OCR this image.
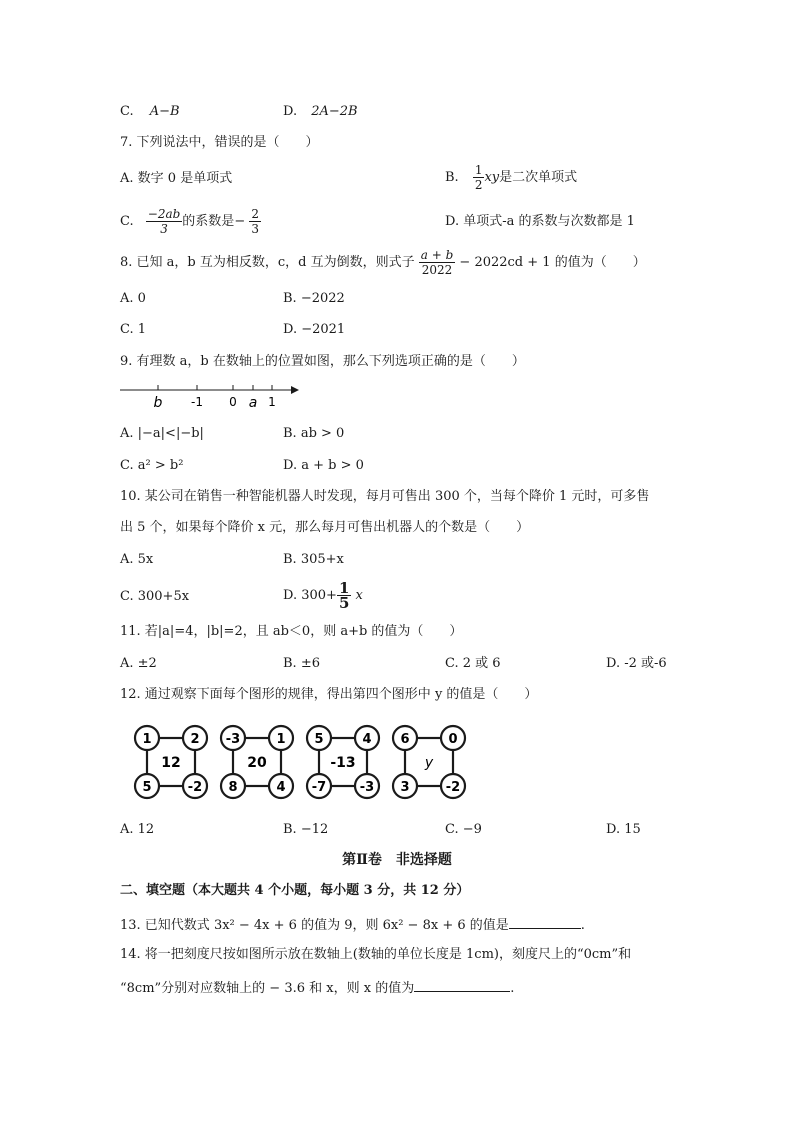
C. A−B	D. 2A−2B
7. 下列说法中，错误的是（　　）
A. 数字 0 是单项式	B. $\frac{1}{2}$ xy是二次单项式
C. $\frac{-2ab}{3}$ 的系数是− $\frac{2}{3}$	D. 单项式-a 的系数与次数都是 1
8. 已知 a，b 互为相反数，c，d 互为倒数，则式子 $\frac{a + b}{2022} - 2022cd + 1$ 的值为（　　）
A. 0	B. −2022
C. 1	D. −2021
9. 有理数 a，b 在数轴上的位置如图，那么下列选项正确的是（　　）
b -1 0 a 1
A. |−a|<|−b|	B. ab > 0
C. a² > b²	D. a + b > 0
10. 某公司在销售一种智能机器人时发现，每月可售出 300 个，当每个降价 1 元时，可多售
出 5 个，如果每个降价 x 元，那么每月可售出机器人的个数是（　　）
A. 5x	B. 305+x
C. 300+5x	D. $300+ \frac{1}{5}$ x
11. 若|a|=4，|b|=2，且 ab＜0，则 a+b 的值为（　　）
A. ±2	B. ±6	C. 2 或 6	D. -2 或-6
12. 通过观察下面每个图形的规律，得出第四个图形中 y 的值是（　　）
1	2
5	-2
12
-3	1
8	4
20
5	4
-7	-3
-13
6	0
3	-2
y
A. 12	B. −12	C. −9	D. 15
第Ⅱ卷　非选择题
二、填空题（本大题共 4 个小题，每小题 3 分，共 12 分）
13. 已知代数式 3x² − 4x + 6 的值为 9，则 6x² − 8x + 6 的值是	.
14. 将一把刻度尺按如图所示放在数轴上(数轴的单位长度是 1cm)，刻度尺上的“0cm”和
“8cm”分别对应数轴上的 − 3.6 和 x，则 x 的值为	.
